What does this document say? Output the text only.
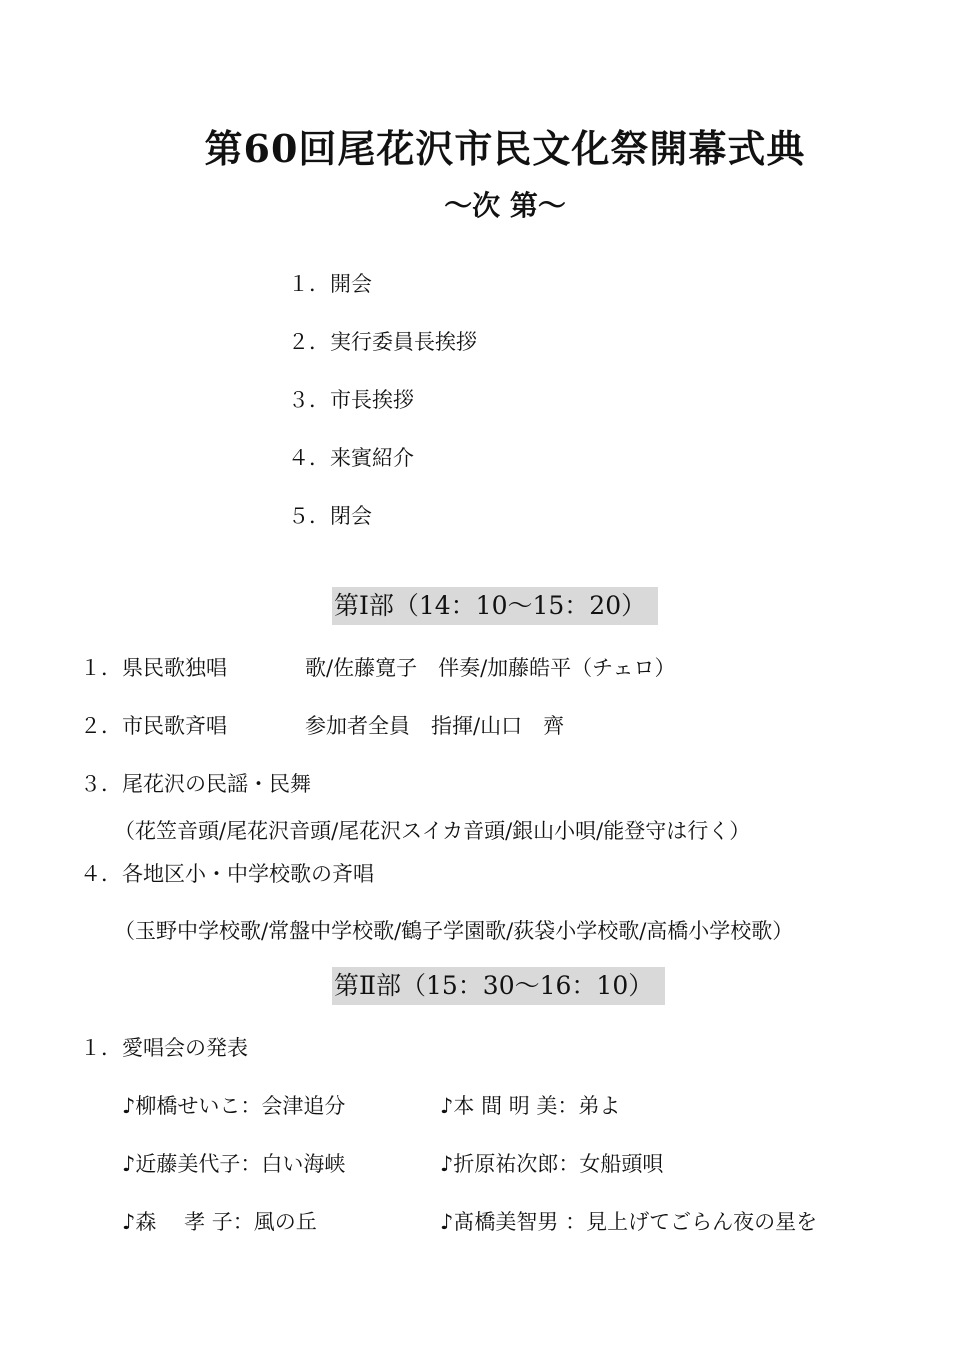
第60回尾花沢市民文化祭開幕式典
～次 第～
１．開会
２．実行委員長挨拶
３．市長挨拶
４．来賓紹介
５．閉会
第Ⅰ部（14：10～15：20）
１．県民歌独唱	歌/佐藤寛子　伴奏/加藤皓平（チェロ）
２．市民歌斉唱	参加者全員　指揮/山口　齊
３．尾花沢の民謡・民舞
（花笠音頭/尾花沢音頭/尾花沢スイカ音頭/銀山小唄/能登守は行く）
４．各地区小・中学校歌の斉唱
（玉野中学校歌/常盤中学校歌/鶴子学園歌/荻袋小学校歌/高橋小学校歌）
第Ⅱ部（15：30～16：10）
１．愛唱会の発表
♪柳橋せいこ：会津追分	♪本 間 明 美：弟よ
♪近藤美代子：白い海峡	♪折原祐次郎：女船頭唄
♪森　 孝 子：風の丘	♪髙橋美智男 ：見上げてごらん夜の星を
